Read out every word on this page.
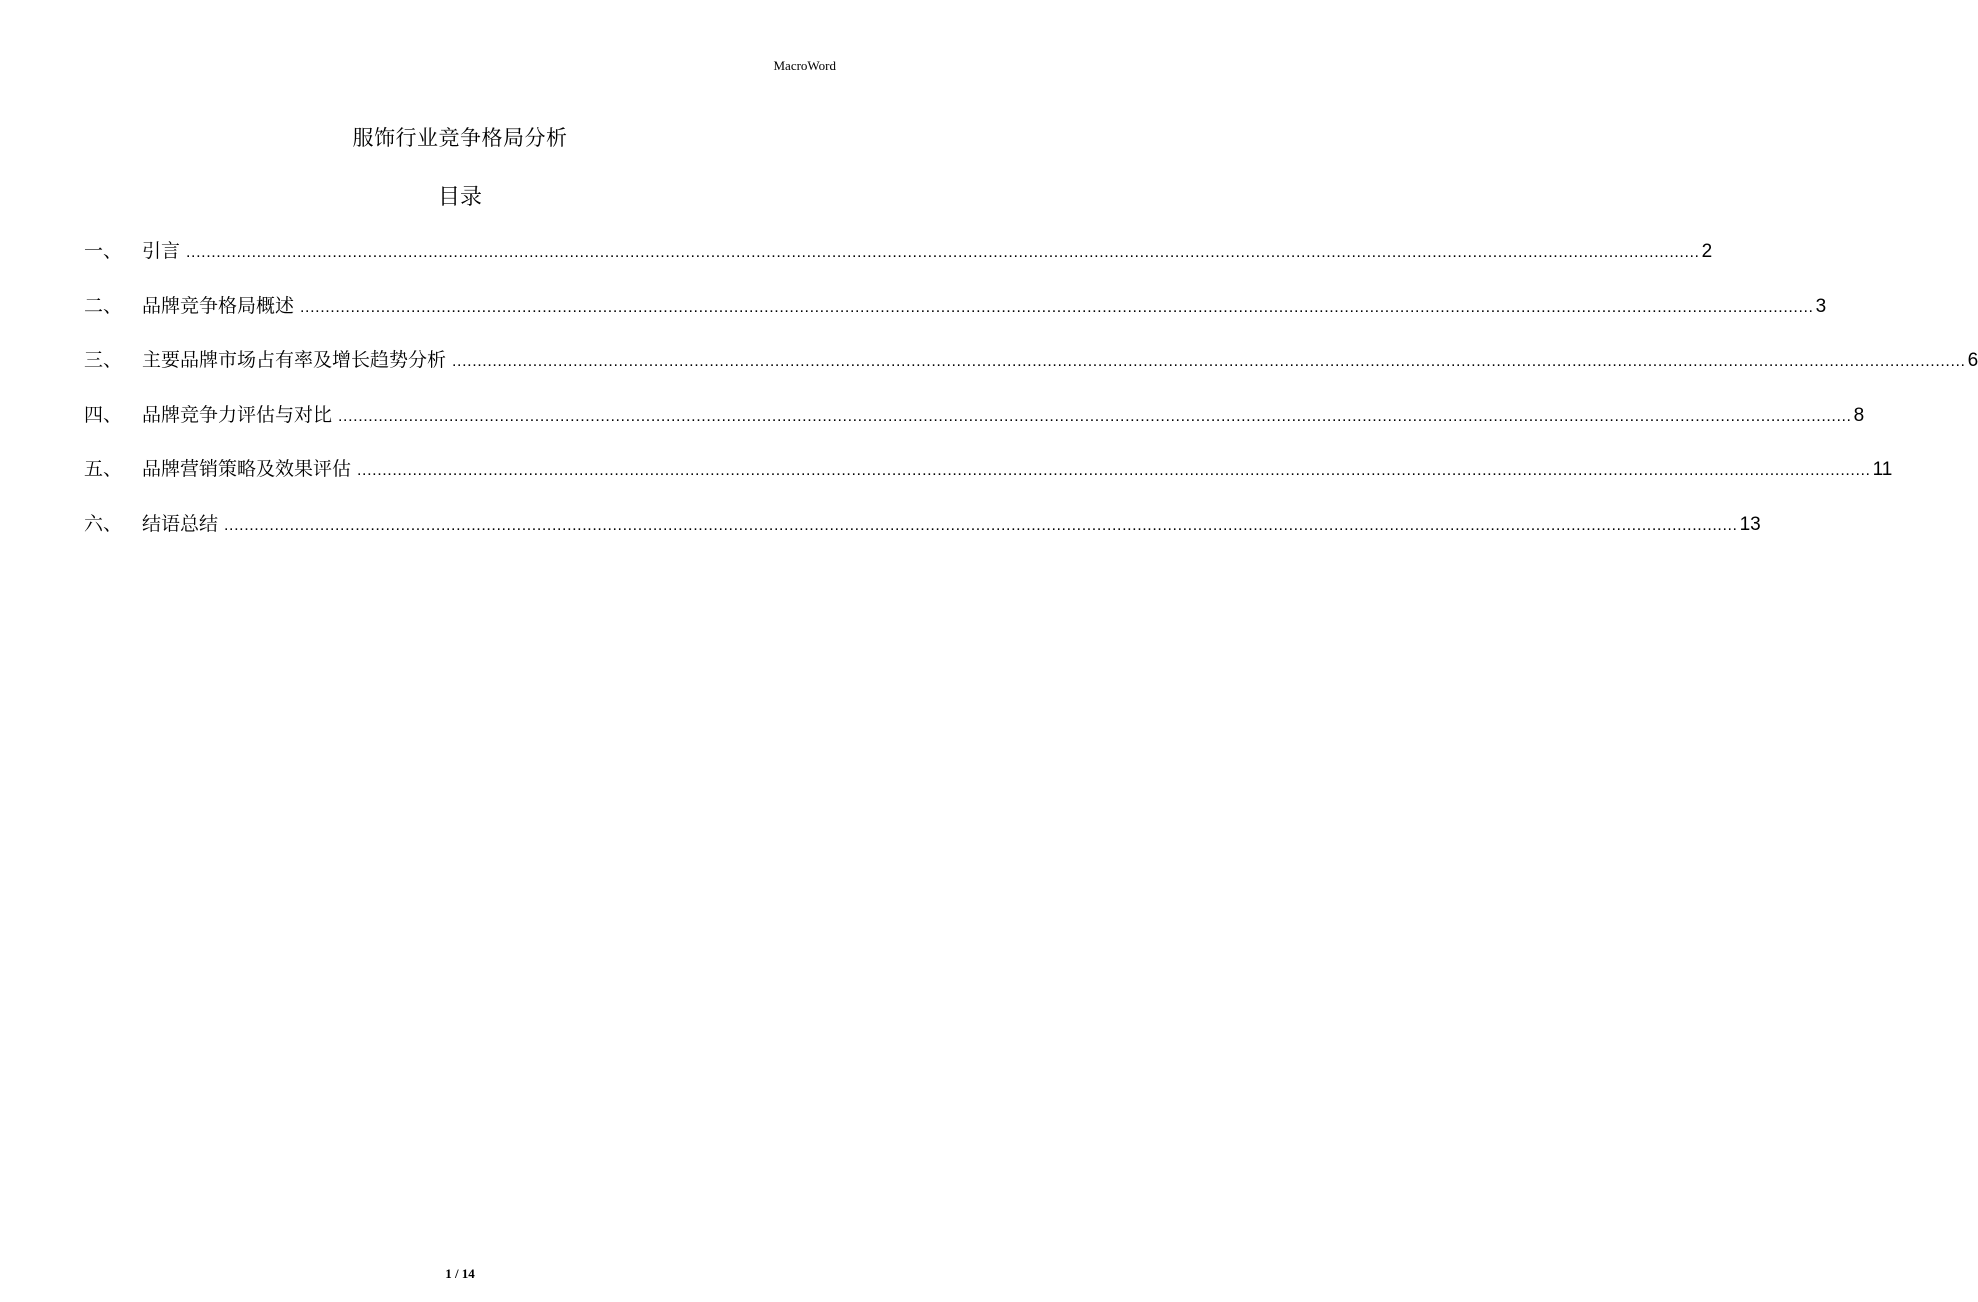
MacroWord
服饰行业竞争格局分析
目录
一、	引言 ............................................................................................................................................................................................................................................................................................................ 2
二、	品牌竞争格局概述 ............................................................................................................................................................................................................................................................................................................ 3
三、	主要品牌市场占有率及增长趋势分析 ............................................................................................................................................................................................................................................................................................................ 6
四、	品牌竞争力评估与对比 ............................................................................................................................................................................................................................................................................................................ 8
五、	品牌营销策略及效果评估 ............................................................................................................................................................................................................................................................................................................ 11
六、	结语总结 ............................................................................................................................................................................................................................................................................................................ 13
1 / 14
